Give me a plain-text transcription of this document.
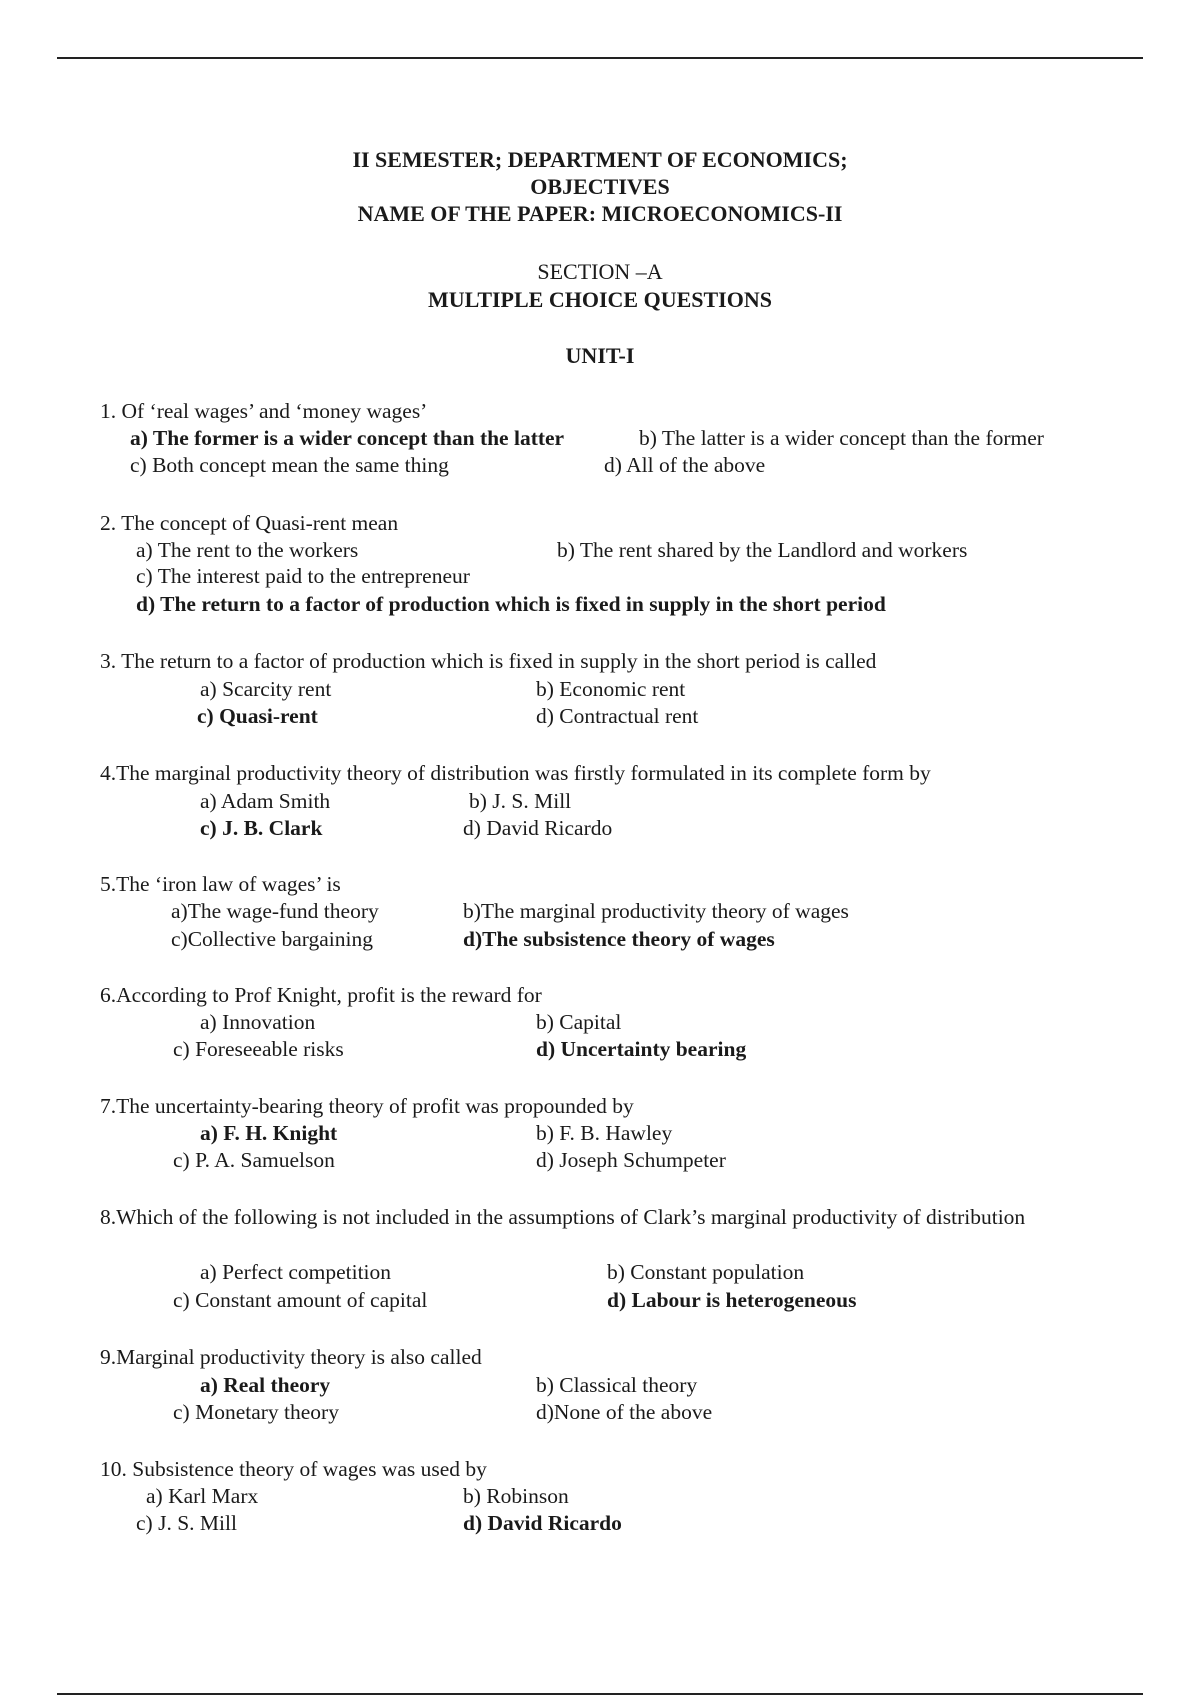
II SEMESTER; DEPARTMENT OF ECONOMICS;
OBJECTIVES
NAME OF THE PAPER: MICROECONOMICS-II
SECTION –A
MULTIPLE CHOICE QUESTIONS
UNIT-I
1. Of ‘real wages’ and ‘money wages’
a) The former is a wider concept than the latter	b) The latter is a wider concept than the former
c) Both concept mean the same thing	d) All of the above
2. The concept of Quasi-rent mean
a) The rent to the workers	b) The rent shared by the Landlord and workers
c) The interest paid to the entrepreneur
d) The return to a factor of production which is fixed in supply in the short period
3. The return to a factor of production which is fixed in supply in the short period is called
a) Scarcity rent	b) Economic rent
c) Quasi-rent	d) Contractual rent
4.The marginal productivity theory of distribution was firstly formulated in its complete form by
a) Adam Smith	b) J. S. Mill
c) J. B. Clark	d) David Ricardo
5.The ‘iron law of wages’ is
a)The wage-fund theory	b)The marginal productivity theory of wages
c)Collective bargaining	d)The subsistence theory of wages
6.According to Prof Knight, profit is the reward for
a) Innovation	b) Capital
c) Foreseeable risks	d) Uncertainty bearing
7.The uncertainty-bearing theory of profit was propounded by
a) F. H. Knight	b) F. B. Hawley
c) P. A. Samuelson	d) Joseph Schumpeter
8.Which of the following is not included in the assumptions of Clark’s marginal productivity of distribution
a) Perfect competition	b) Constant population
c) Constant amount of capital	d) Labour is heterogeneous
9.Marginal productivity theory is also called
a) Real theory	b) Classical theory
c) Monetary theory	d)None of the above
10. Subsistence theory of wages was used by
a) Karl Marx	b) Robinson
c) J. S. Mill	d) David Ricardo
